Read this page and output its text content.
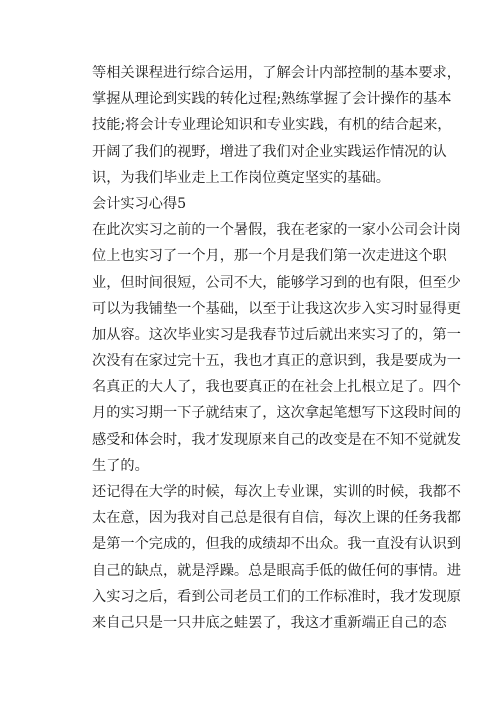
等相关课程进行综合运用，了解会计内部控制的基本要求，
掌握从理论到实践的转化过程;熟练掌握了会计操作的基本
技能;将会计专业理论知识和专业实践，有机的结合起来，
开阔了我们的视野，增进了我们对企业实践运作情况的认
识，为我们毕业走上工作岗位奠定坚实的基础。
会计实习心得5
在此次实习之前的一个暑假，我在老家的一家小公司会计岗
位上也实习了一个月，那一个月是我们第一次走进这个职
业，但时间很短，公司不大，能够学习到的也有限，但至少
可以为我铺垫一个基础，以至于让我这次步入实习时显得更
加从容。这次毕业实习是我春节过后就出来实习了的，第一
次没有在家过完十五，我也才真正的意识到，我是要成为一
名真正的大人了，我也要真正的在社会上扎根立足了。四个
月的实习期一下子就结束了，这次拿起笔想写下这段时间的
感受和体会时，我才发现原来自己的改变是在不知不觉就发
生了的。
还记得在大学的时候，每次上专业课，实训的时候，我都不
太在意，因为我对自己总是很有自信，每次上课的任务我都
是第一个完成的，但我的成绩却不出众。我一直没有认识到
自己的缺点，就是浮躁。总是眼高手低的做任何的事情。进
入实习之后，看到公司老员工们的工作标准时，我才发现原
来自己只是一只井底之蛙罢了，我这才重新端正自己的态
